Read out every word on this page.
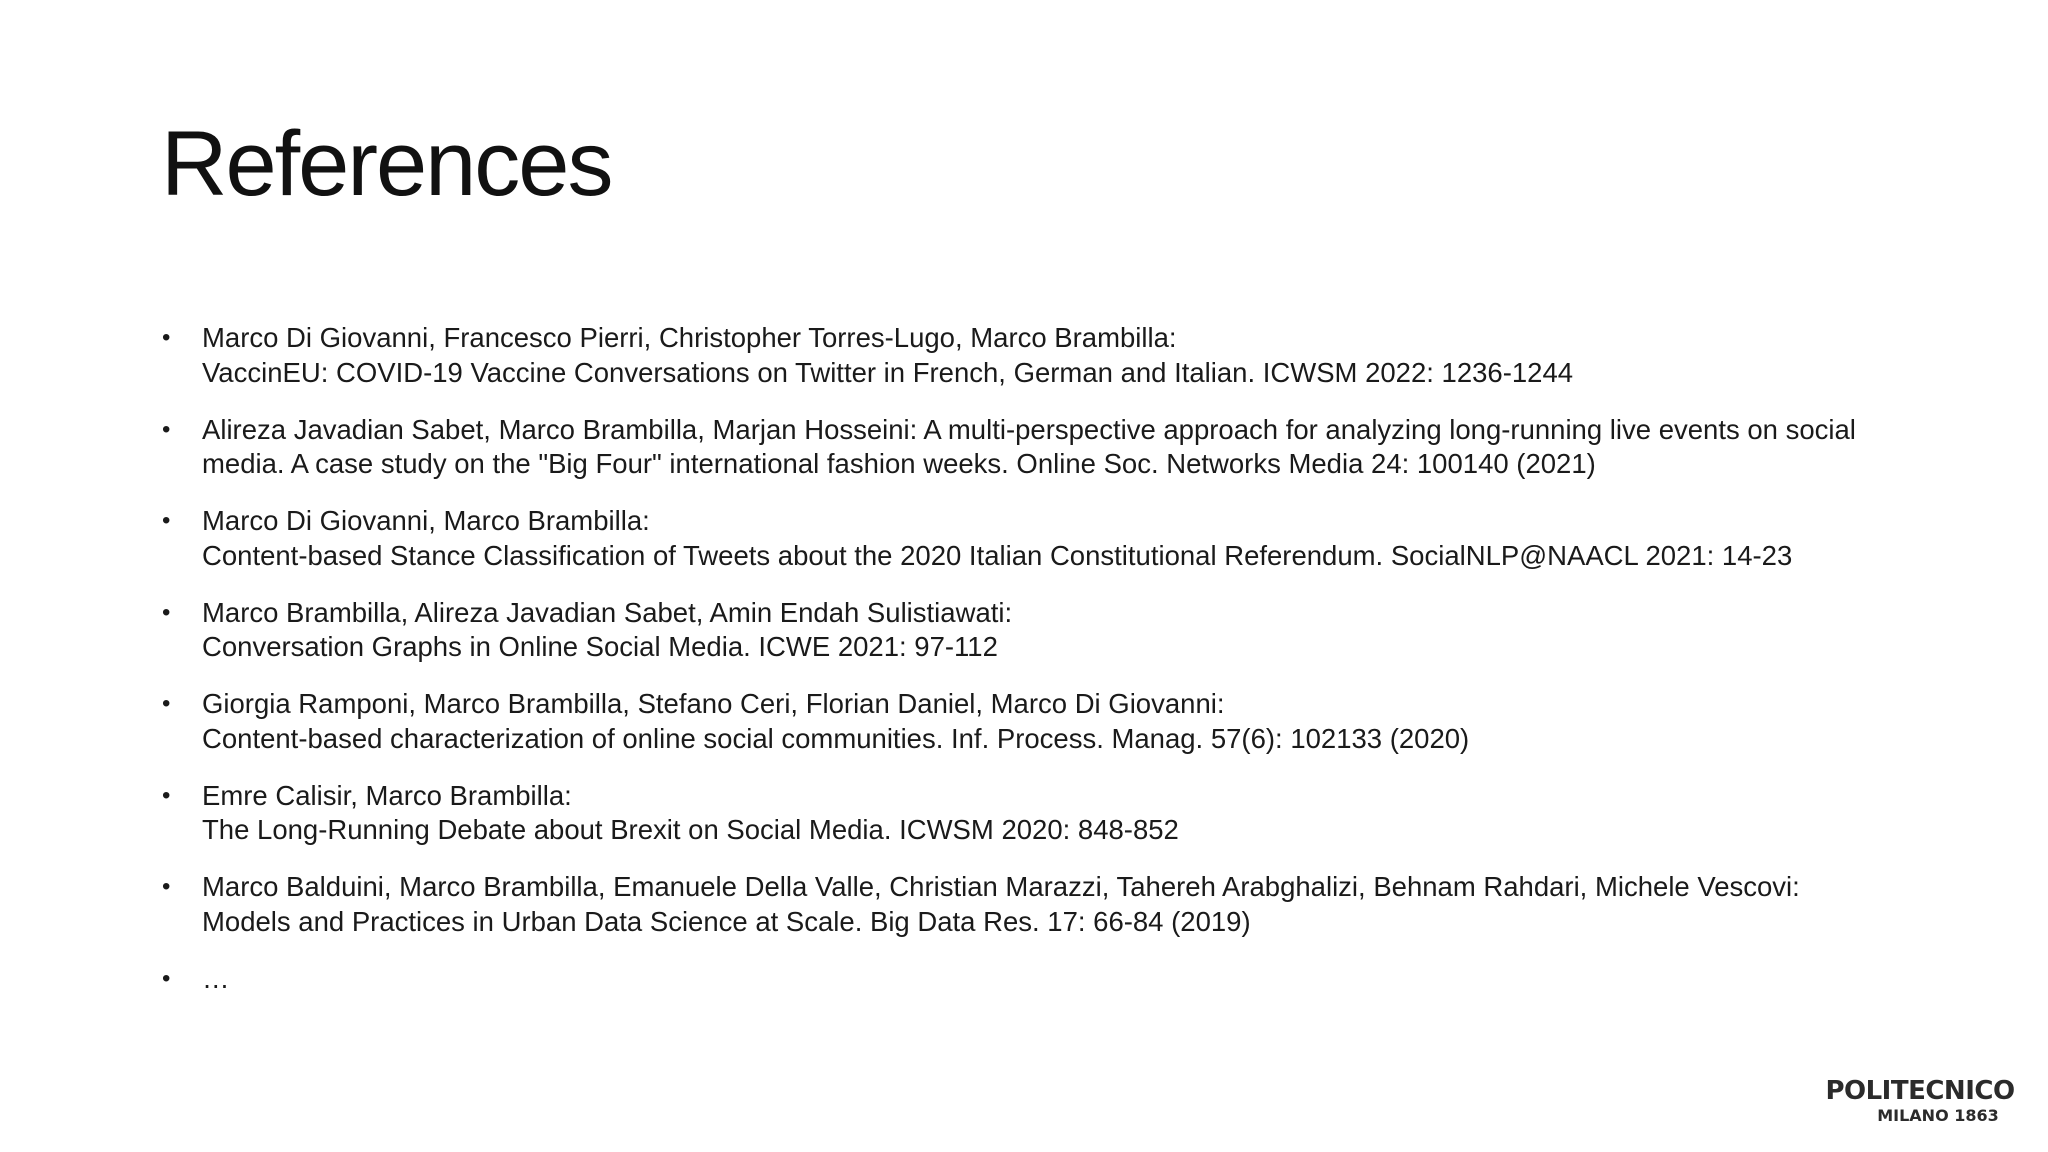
References
• Marco Di Giovanni, Francesco Pierri, Christopher Torres-Lugo, Marco Brambilla:
VaccinEU: COVID-19 Vaccine Conversations on Twitter in French, German and Italian. ICWSM 2022: 1236-1244
• Alireza Javadian Sabet, Marco Brambilla, Marjan Hosseini: A multi-perspective approach for analyzing long-running live events on social
media. A case study on the "Big Four" international fashion weeks. Online Soc. Networks Media 24: 100140 (2021)
• Marco Di Giovanni, Marco Brambilla:
Content-based Stance Classification of Tweets about the 2020 Italian Constitutional Referendum. SocialNLP@NAACL 2021: 14-23
• Marco Brambilla, Alireza Javadian Sabet, Amin Endah Sulistiawati:
Conversation Graphs in Online Social Media. ICWE 2021: 97-112
• Giorgia Ramponi, Marco Brambilla, Stefano Ceri, Florian Daniel, Marco Di Giovanni:
Content-based characterization of online social communities. Inf. Process. Manag. 57(6): 102133 (2020)
• Emre Calisir, Marco Brambilla:
The Long-Running Debate about Brexit on Social Media. ICWSM 2020: 848-852
• Marco Balduini, Marco Brambilla, Emanuele Della Valle, Christian Marazzi, Tahereh Arabghalizi, Behnam Rahdari, Michele Vescovi:
Models and Practices in Urban Data Science at Scale. Big Data Res. 17: 66-84 (2019)
• …
POLITECNICO
MILANO 1863
